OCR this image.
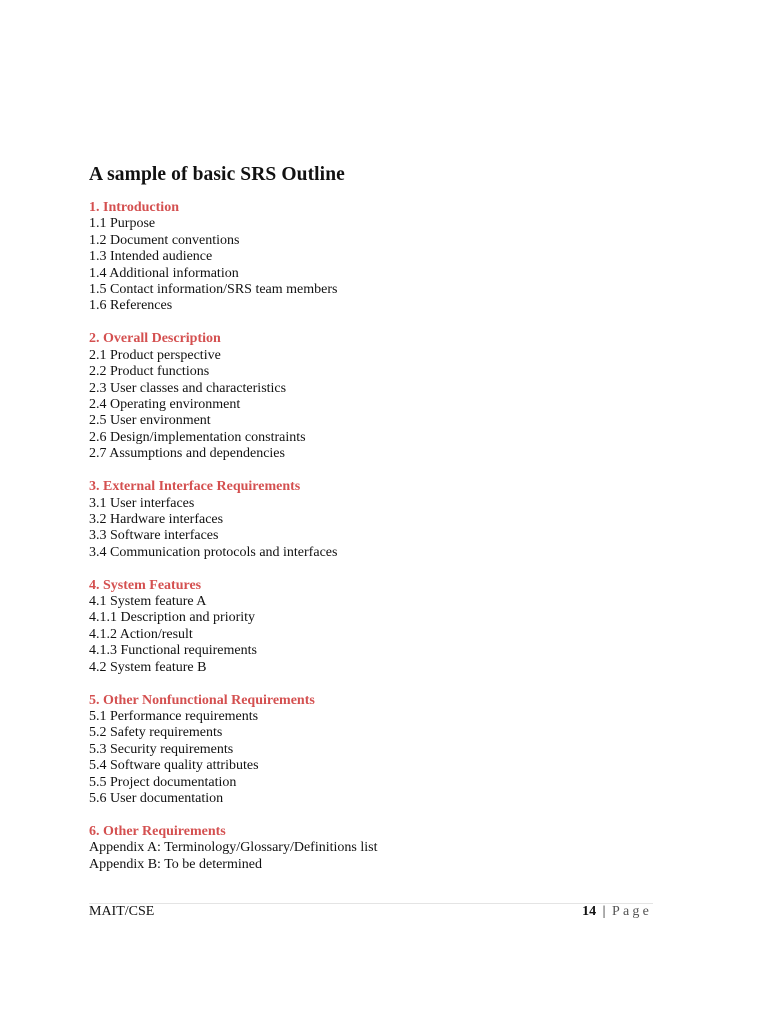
A sample of basic SRS Outline
1. Introduction
1.1 Purpose
1.2 Document conventions
1.3 Intended audience
1.4 Additional information
1.5 Contact information/SRS team members
1.6 References
2. Overall Description
2.1 Product perspective
2.2 Product functions
2.3 User classes and characteristics
2.4 Operating environment
2.5 User environment
2.6 Design/implementation constraints
2.7 Assumptions and dependencies
3. External Interface Requirements
3.1 User interfaces
3.2 Hardware interfaces
3.3 Software interfaces
3.4 Communication protocols and interfaces
4. System Features
4.1 System feature A
4.1.1 Description and priority
4.1.2 Action/result
4.1.3 Functional requirements
4.2 System feature B
5. Other Nonfunctional Requirements
5.1 Performance requirements
5.2 Safety requirements
5.3 Security requirements
5.4 Software quality attributes
5.5 Project documentation
5.6 User documentation
6. Other Requirements
Appendix A: Terminology/Glossary/Definitions list
Appendix B: To be determined
MAIT/CSE	14 | Page
